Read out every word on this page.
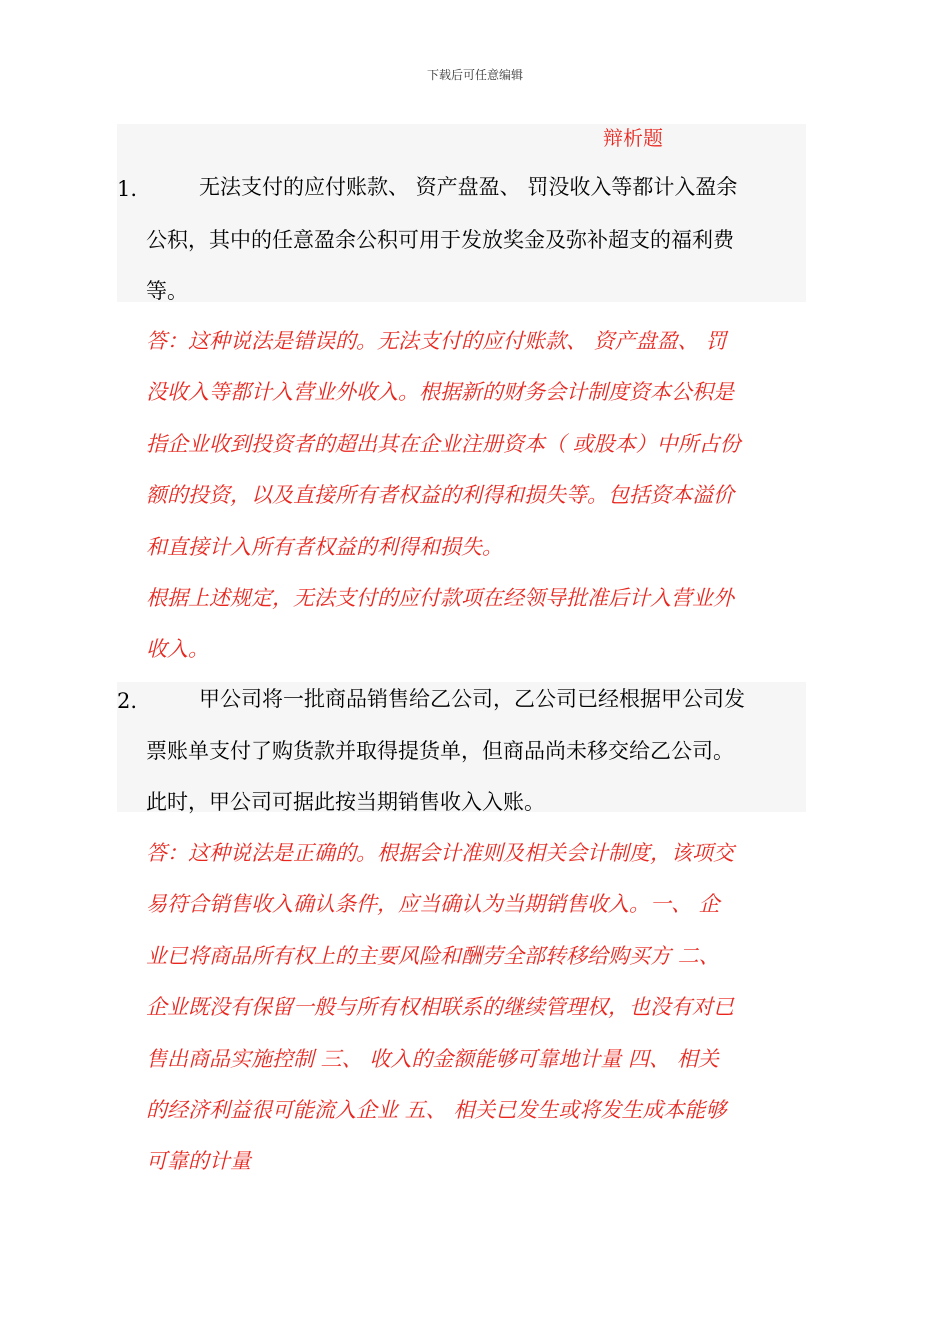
下载后可任意编辑
辩析题
1.	无法支付的应付账款、 资产盘盈、 罚没收入等都计入盈余
公积，其中的任意盈余公积可用于发放奖金及弥补超支的福利费
等。
答：这种说法是错误的。无法支付的应付账款、 资产盘盈、 罚
没收入等都计入营业外收入。根据新的财务会计制度资本公积是
指企业收到投资者的超出其在企业注册资本（ 或股本）中所占份
额的投资，以及直接所有者权益的利得和损失等。包括资本溢价
和直接计入所有者权益的利得和损失。
根据上述规定，无法支付的应付款项在经领导批准后计入营业外
收入。
2.	甲公司将一批商品销售给乙公司，乙公司已经根据甲公司发
票账单支付了购货款并取得提货单，但商品尚未移交给乙公司。
此时，甲公司可据此按当期销售收入入账。
答：这种说法是正确的。根据会计准则及相关会计制度，该项交
易符合销售收入确认条件，应当确认为当期销售收入。一、 企
业已将商品所有权上的主要风险和酬劳全部转移给购买方 二、
企业既没有保留一般与所有权相联系的继续管理权，也没有对已
售出商品实施控制 三、 收入的金额能够可靠地计量 四、 相关
的经济利益很可能流入企业 五、 相关已发生或将发生成本能够
可靠的计量
